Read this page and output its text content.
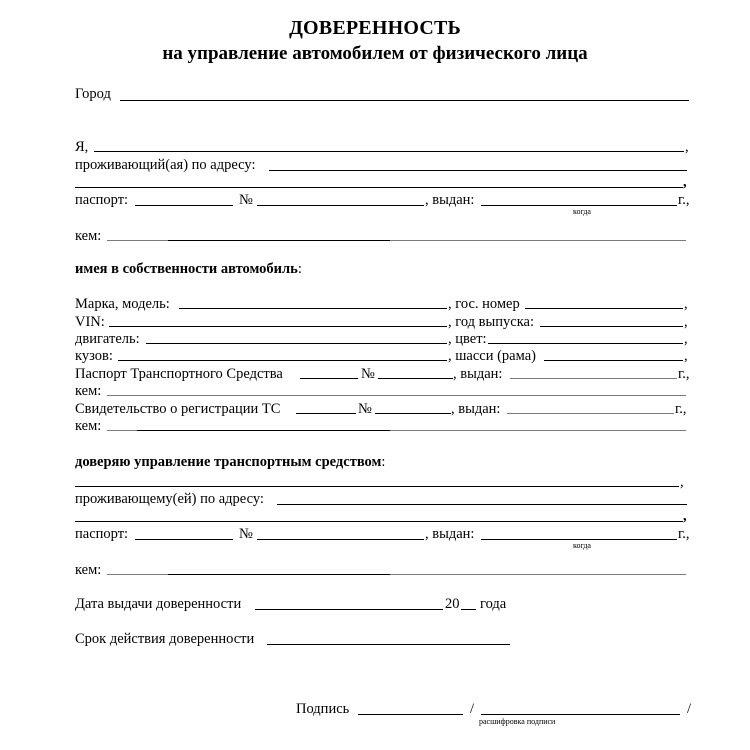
ДОВЕРЕННОСТЬ
на управление автомобилем от физического лица
Город
Я,	,
проживающий(ая) по адресу:
,
паспорт:	№	, выдан:	г.,
когда
кем:
имея в собственности автомобиль:
Марка, модель:	, гос. номер	,
VIN:	, год выпуска:	,
двигатель:	, цвет:	,
кузов:	, шасси (рама)	,
Паспорт Транспортного Средства	№	, выдан:	г.,
кем:
Свидетельство о регистрации ТС	№	, выдан:	г.,
кем:
доверяю управление транспортным средством:
,
проживающему(ей) по адресу:
,
паспорт:	№	, выдан:	г.,
когда
кем:
Дата выдачи доверенности	20 года
Срок действия доверенности
Подпись	/	/
расшифровка подписи
